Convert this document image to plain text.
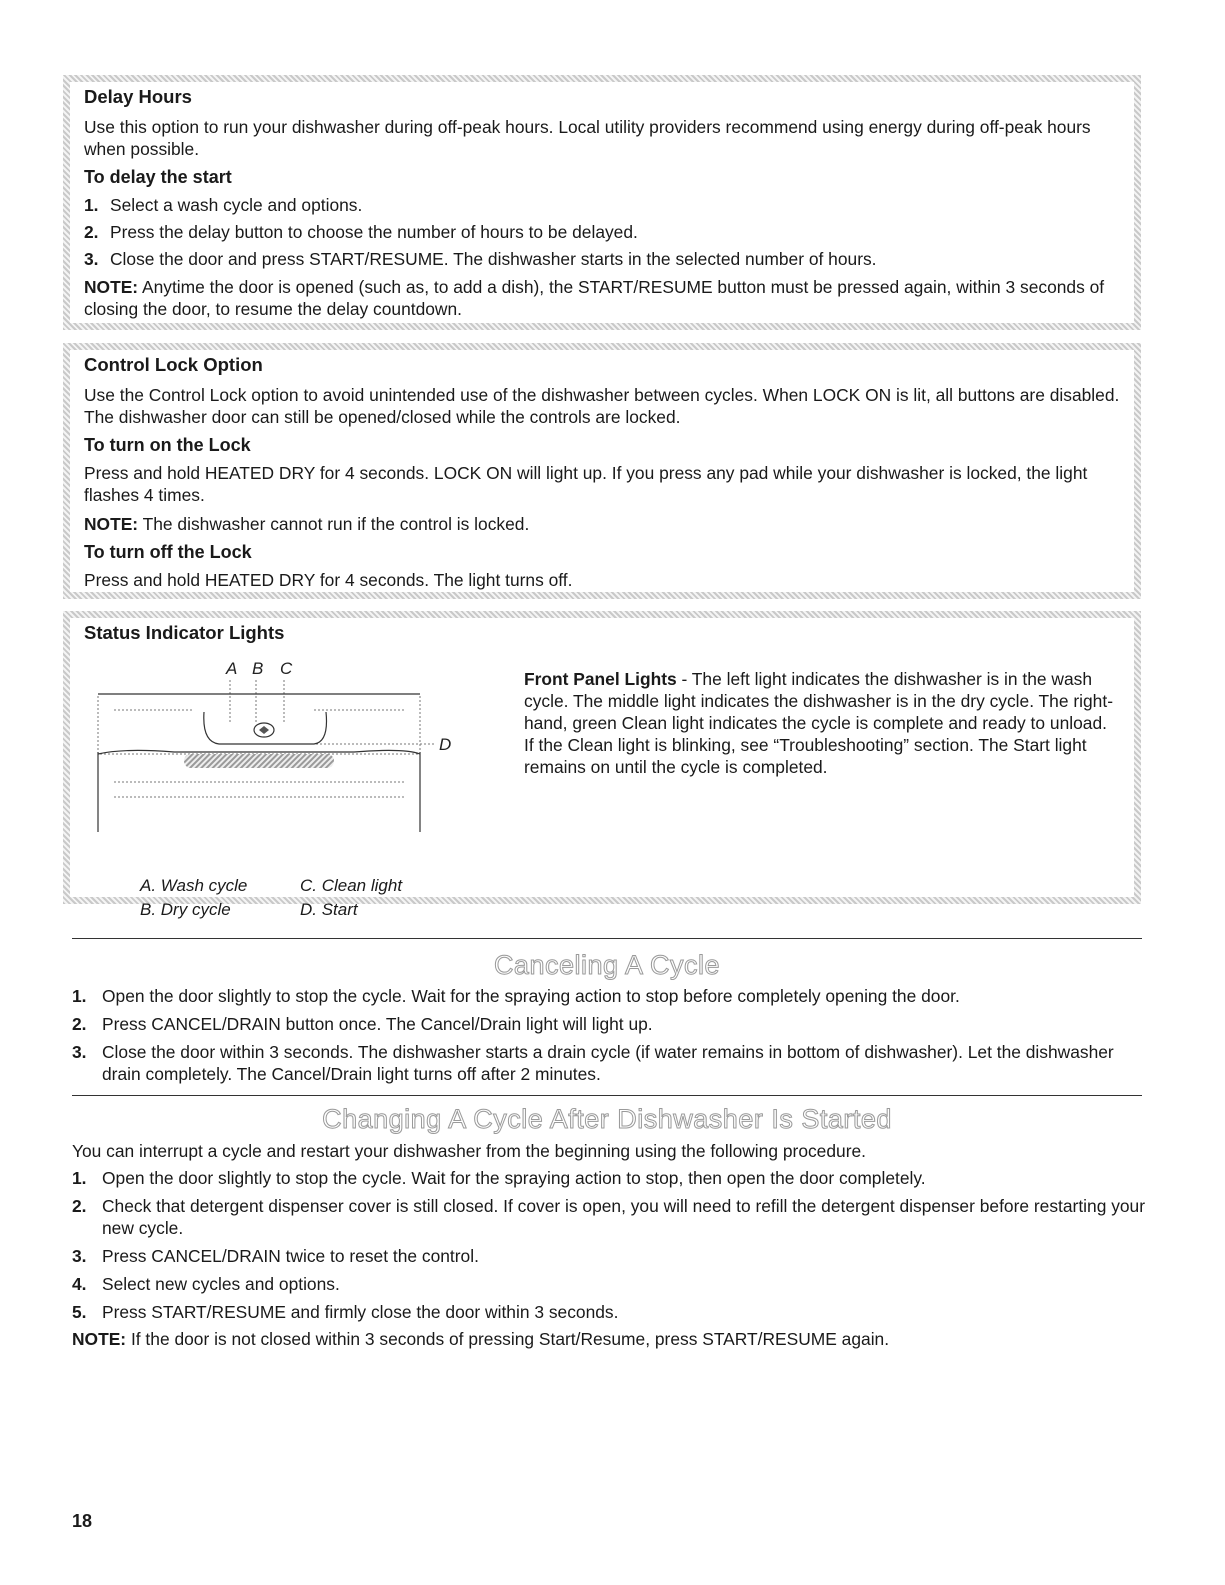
Delay Hours

Use this option to run your dishwasher during off-peak hours. Local utility providers recommend using energy during off-peak hours when possible.

To delay the start
1. Select a wash cycle and options.
2. Press the delay button to choose the number of hours to be delayed.
3. Close the door and press START/RESUME. The dishwasher starts in the selected number of hours.

NOTE: Anytime the door is opened (such as, to add a dish), the START/RESUME button must be pressed again, within 3 seconds of closing the door, to resume the delay countdown.

Control Lock Option

Use the Control Lock option to avoid unintended use of the dishwasher between cycles. When LOCK ON is lit, all buttons are disabled. The dishwasher door can still be opened/closed while the controls are locked.

To turn on the Lock

Press and hold HEATED DRY for 4 seconds. LOCK ON will light up. If you press any pad while your dishwasher is locked, the light flashes 4 times.

NOTE: The dishwasher cannot run if the control is locked.

To turn off the Lock

Press and hold HEATED DRY for 4 seconds. The light turns off.

Status Indicator Lights
A B C
D
A. Wash cycle	C. Clean light
B. Dry cycle	D. Start
Front Panel Lights - The left light indicates the dishwasher is in the wash cycle. The middle light indicates the dishwasher is in the dry cycle. The right-hand, green Clean light indicates the cycle is complete and ready to unload. If the Clean light is blinking, see “Troubleshooting” section. The Start light remains on until the cycle is completed.
Canceling A Cycle
1. Open the door slightly to stop the cycle. Wait for the spraying action to stop before completely opening the door.
2. Press CANCEL/DRAIN button once. The Cancel/Drain light will light up.
3. Close the door within 3 seconds. The dishwasher starts a drain cycle (if water remains in bottom of dishwasher). Let the dishwasher drain completely. The Cancel/Drain light turns off after 2 minutes.
Changing A Cycle After Dishwasher Is Started

You can interrupt a cycle and restart your dishwasher from the beginning using the following procedure.

1. Open the door slightly to stop the cycle. Wait for the spraying action to stop, then open the door completely.
2. Check that detergent dispenser cover is still closed. If cover is open, you will need to refill the detergent dispenser before restarting your new cycle.
3. Press CANCEL/DRAIN twice to reset the control.
4. Select new cycles and options.
5. Press START/RESUME and firmly close the door within 3 seconds.

NOTE: If the door is not closed within 3 seconds of pressing Start/Resume, press START/RESUME again.

18
